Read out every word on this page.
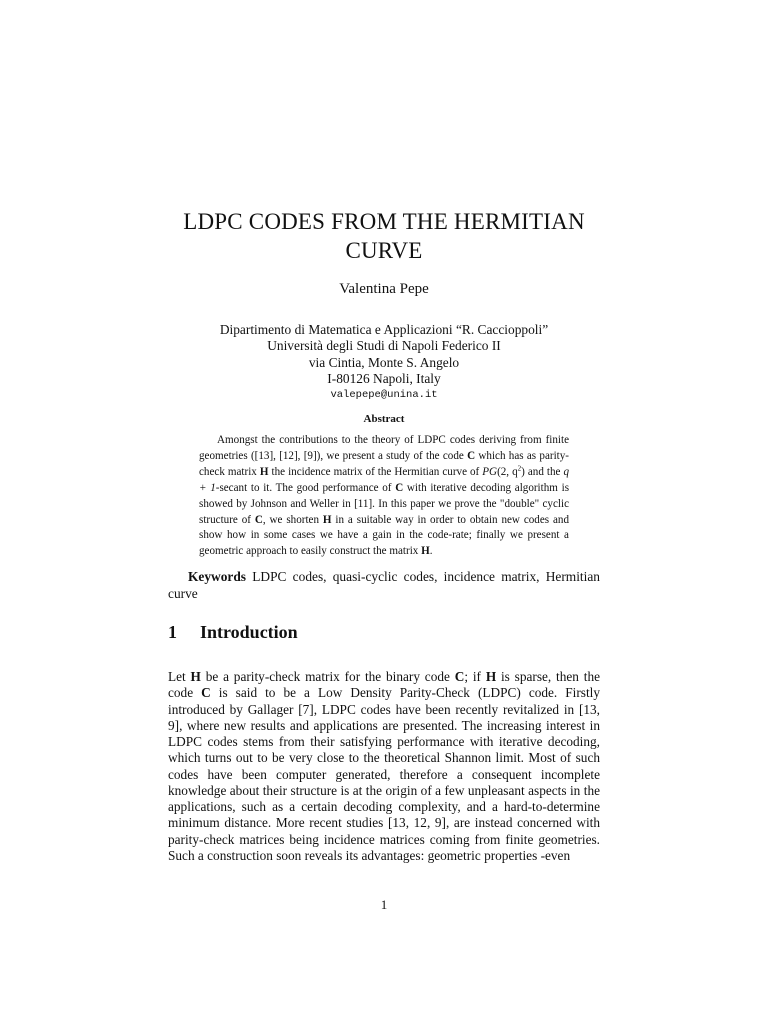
LDPC CODES FROM THE HERMITIAN
CURVE
Valentina Pepe
Dipartimento di Matematica e Applicazioni “R. Caccioppoli”
Università degli Studi di Napoli Federico II
via Cintia, Monte S. Angelo
I-80126 Napoli, Italy
valepepe@unina.it
Abstract
Amongst the contributions to the theory of LDPC codes deriving from finite geometries ([13], [12], [9]), we present a study of the code C which has as parity-check matrix H the incidence matrix of the Hermitian curve of PG(2, $q^2$) and the q + 1-secant to it. The good performance of C with iterative decoding algorithm is showed by Johnson and Weller in [11]. In this paper we prove the "double" cyclic structure of C, we shorten H in a suitable way in order to obtain new codes and show how in some cases we have a gain in the code-rate; finally we present a geometric approach to easily construct the matrix H.
Keywords LDPC codes, quasi-cyclic codes, incidence matrix, Hermitian curve
1 Introduction

Let H be a parity-check matrix for the binary code C; if H is sparse, then the code C is said to be a Low Density Parity-Check (LDPC) code. Firstly introduced by Gallager [7], LDPC codes have been recently revitalized in [13, 9], where new results and applications are presented. The increasing interest in LDPC codes stems from their satisfying performance with iterative decoding, which turns out to be very close to the theoretical Shannon limit. Most of such codes have been computer generated, therefore a consequent incomplete knowledge about their structure is at the origin of a few unpleasant aspects in the applications, such as a certain decoding complexity, and a hard-to-determine minimum distance. More recent studies [13, 12, 9], are instead concerned with parity-check matrices being incidence matrices coming from finite geometries. Such a construction soon reveals its advantages: geometric properties -even

1
